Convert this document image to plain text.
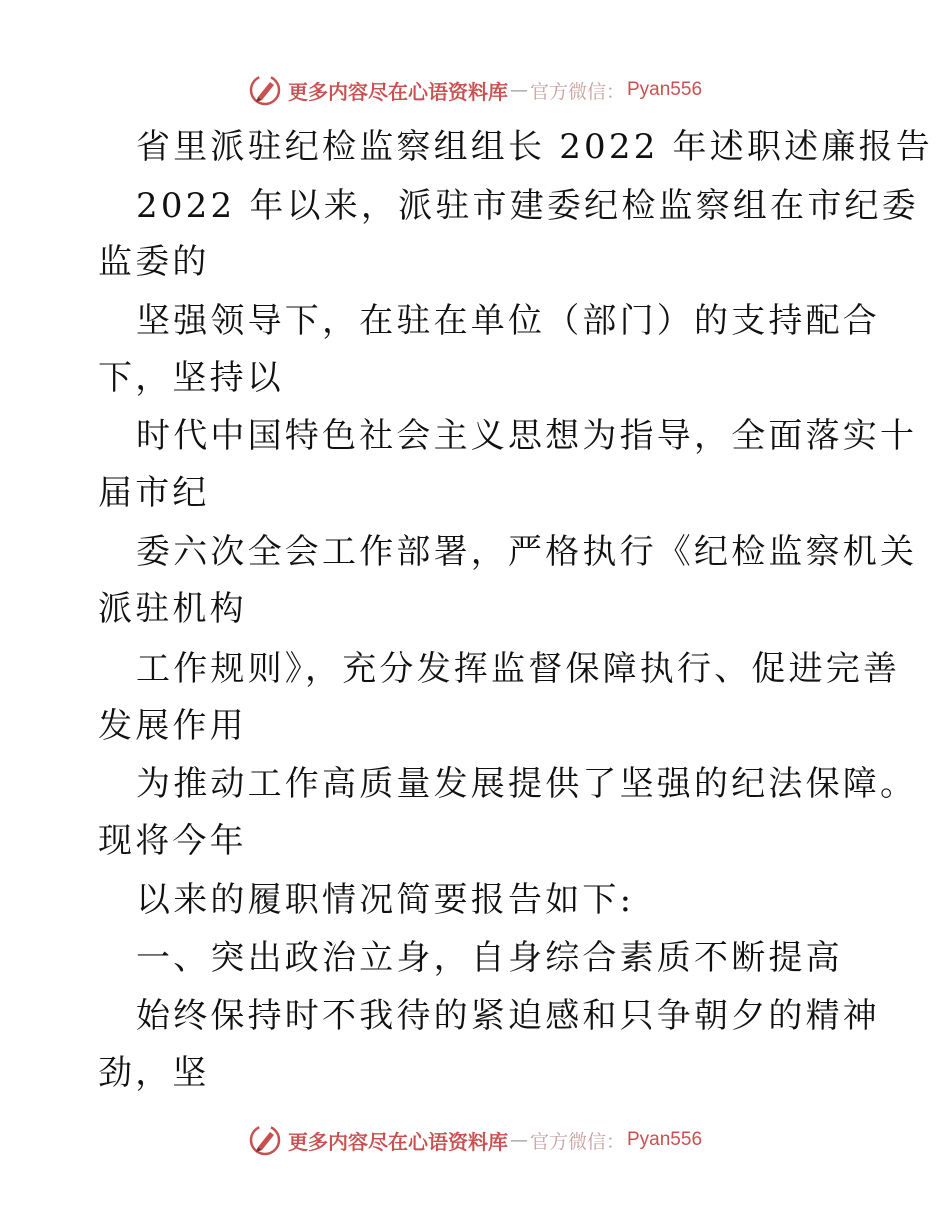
更多内容尽在心语资料库 — 官方微信： Pyan556
省里派驻纪检监察组组长 2022 年述职述廉报告
2022 年以来，派驻市建委纪检监察组在市纪委
监委的
坚强领导下，在驻在单位（部门）的支持配合
下，坚持以
时代中国特色社会主义思想为指导，全面落实十
届市纪
委六次全会工作部署，严格执行《纪检监察机关
派驻机构
工作规则》，充分发挥监督保障执行、促进完善
发展作用
为推动工作高质量发展提供了坚强的纪法保障。
现将今年
以来的履职情况简要报告如下:
一、突出政治立身，自身综合素质不断提高
始终保持时不我待的紧迫感和只争朝夕的精神
劲，坚
更多内容尽在心语资料库 — 官方微信： Pyan556
